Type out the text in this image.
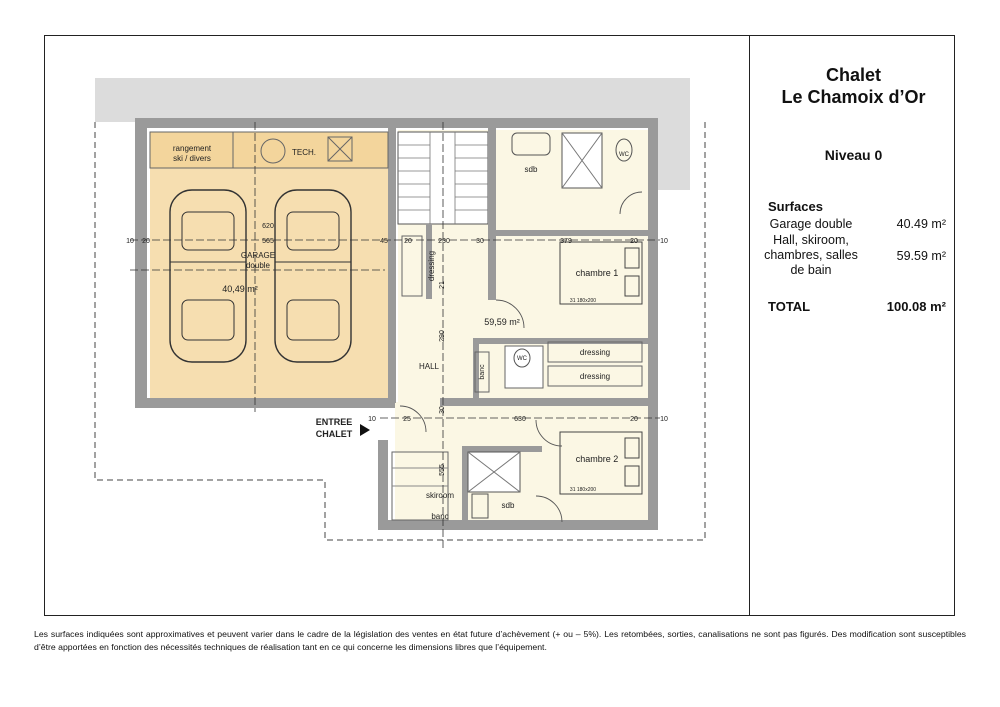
rangement
ski / divers
TECH.
GARAGE
double
40,49 m²
dressing
sdb
chambre 1
31 180x200
59,59 m²
WC
WC
banc
dressing
dressing
HALL
chambre 2
31 180x200
skiroom
banc
sdb
ENTREE
CHALET
620
565
10 20	45 20	230	30	379	20	10
630	20	10
290
21
30
25
10
555
Chalet
Le Chamoix d’Or
Niveau 0
Surfaces
Garage double	40.49 m²
Hall, skiroom, chambres, salles de bain
59.59 m²
TOTAL	100.08 m²
Les surfaces indiquées sont approximatives et peuvent varier dans le cadre de la législation des ventes en état future d’achèvement (+ ou – 5%). Les retombées, sorties, canalisations ne sont pas figurés. Des modification sont susceptibles d’être apportées en fonction des nécessités techniques de réalisation tant en ce qui concerne les dimensions libres que l’équipement.
